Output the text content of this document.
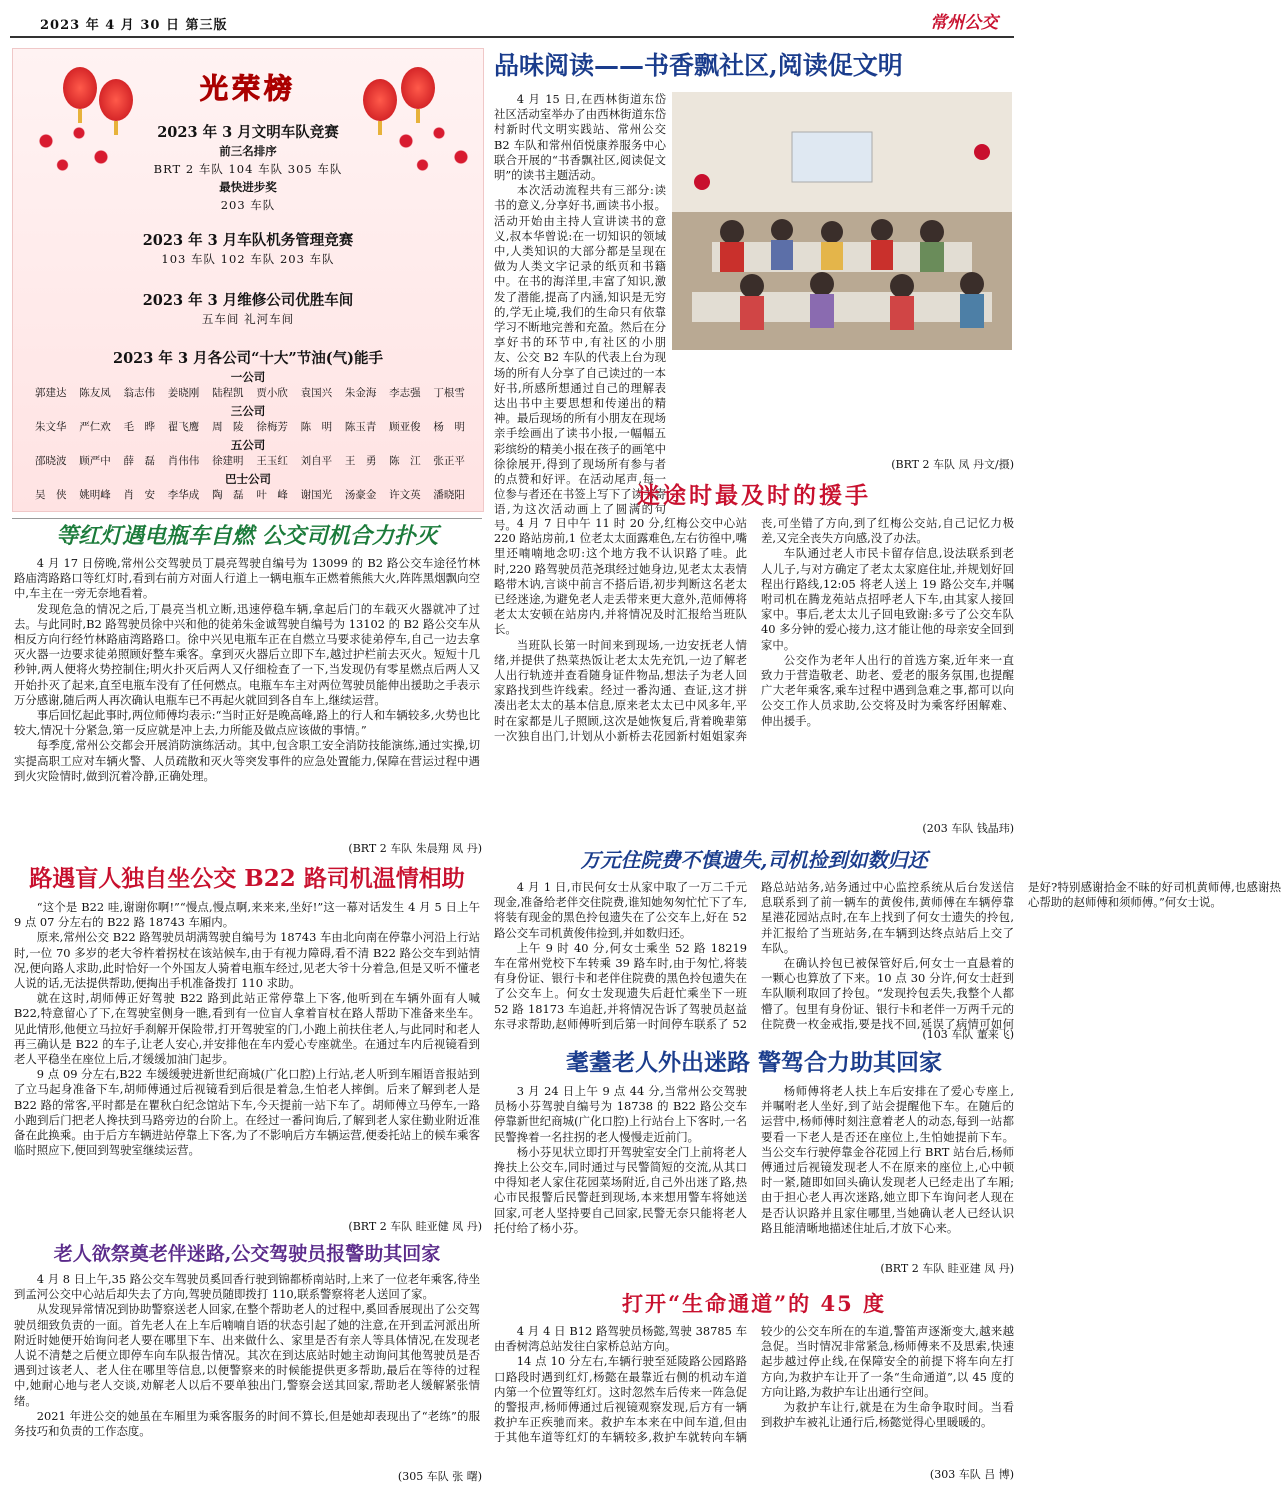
2023 年 4 月 30 日 第三版	常州公交
光荣榜
2023 年 3 月文明车队竞赛
前三名排序
BRT 2 车队 104 车队 305 车队
最快进步奖
203 车队
2023 年 3 月车队机务管理竞赛
103 车队 102 车队 203 车队
2023 年 3 月维修公司优胜车间
五车间 礼河车间
2023 年 3 月各公司“十大”节油(气)能手
一公司
郭建达 陈友凤 翁志伟 姜晓刚 陆程凯 贾小欣 袁国兴 朱金海 李志强 丁根雪
三公司
朱文华 严仁欢 毛　晔 翟飞鹰 周　陵 徐梅芳 陈　明 陈玉青 顾亚俊 杨　明
五公司
邵晓波 顾严中 薛　磊 肖伟伟 徐建明 王玉红 刘自平 王　勇 陈　江 张正平
巴士公司
吴　侠 姚明峰 肖　安 李华成 陶　磊 叶　峰 谢国光 汤豪金 许文英 潘晓阳
品味阅读——书香飘社区,阅读促文明

4 月 15 日,在西林街道东岱社区活动室举办了由西林街道东岱村新时代文明实践站、常州公交 B2 车队和常州佰悦康养服务中心联合开展的“书香飘社区,阅读促文明”的读书主题活动。

本次活动流程共有三部分:读书的意义,分享好书,画读书小报。活动开始由主持人宣讲读书的意义,叔本华曾说:在一切知识的领域中,人类知识的大部分都是呈现在做为人类文字记录的纸页和书籍中。在书的海洋里,丰富了知识,激发了潜能,提高了内涵,知识是无穷的,学无止境,我们的生命只有依靠学习不断地完善和充盈。然后在分享好书的环节中,有社区的小朋友、公交 B2 车队的代表上台为现场的所有人分享了自己读过的一本好书,所感所想通过自己的理解表达出书中主要思想和传递出的精神。最后现场的所有小朋友在现场亲手绘画出了读书小报,一幅幅五彩缤纷的精美小报在孩子的画笔中徐徐展开,得到了现场所有参与者的点赞和好评。在活动尾声,每一位参与者还在书签上写下了读书寄语,为这次活动画上了圆满的句号。

(BRT 2 车队 凤 丹文/摄)
等红灯遇电瓶车自燃 公交司机合力扑灭

4 月 17 日傍晚,常州公交驾驶员丁晨亮驾驶自编号为 13099 的 B2 路公交车途径竹林路庙湾路路口等红灯时,看到右前方对面人行道上一辆电瓶车正燃着熊熊大火,阵阵黑烟飘向空中,车主在一旁无奈地看着。

发现危急的情况之后,丁晨亮当机立断,迅速停稳车辆,拿起后门的车载灭火器就冲了过去。与此同时,B2 路驾驶员徐中兴和他的徒弟朱金诚驾驶自编号为 13102 的 B2 路公交车从相反方向行经竹林路庙湾路路口。徐中兴见电瓶车正在自燃立马要求徒弟停车,自己一边去拿灭火器一边要求徒弟照顾好整车乘客。拿到灭火器后立即下车,越过护栏前去灭火。短短十几秒钟,两人便将火势控制住;明火扑灭后两人又仔细检查了一下,当发现仍有零星燃点后两人又开始扑灭了起来,直至电瓶车没有了任何燃点。电瓶车车主对两位驾驶员能伸出援助之手表示万分感谢,随后两人再次确认电瓶车已不再起火就回到各自车上,继续运营。

事后回忆起此事时,两位师傅均表示:“当时正好是晚高峰,路上的行人和车辆较多,火势也比较大,情况十分紧急,第一反应就是冲上去,力所能及做点应该做的事情。”

每季度,常州公交都会开展消防演练活动。其中,包含职工安全消防技能演练,通过实操,切实提高职工应对车辆火警、人员疏散和灭火等突发事件的应急处置能力,保障在营运过程中遇到火灾险情时,做到沉着冷静,正确处理。

(BRT 2 车队 朱晨翔 凤 丹)
路遇盲人独自坐公交 B22 路司机温情相助

“这个是 B22 哇,谢谢你啊!”“慢点,慢点啊,来来来,坐好!”这一幕对话发生 4 月 5 日上午 9 点 07 分左右的 B22 路 18743 车厢内。

原来,常州公交 B22 路驾驶员胡满驾驶自编号为 18743 车由北向南在停靠小河沿上行站时,一位 70 多岁的老大爷杵着拐杖在该站候车,由于有视力障碍,看不清 B22 路公交车到站情况,便向路人求助,此时恰好一个外国友人骑着电瓶车经过,见老大爷十分着急,但是又听不懂老人说的话,无法提供帮助,便掏出手机准备拨打 110 求助。

就在这时,胡师傅正好驾驶 B22 路到此站正常停靠上下客,他听到在车辆外面有人喊 B22,特意留心了下,在驾驶室侧身一瞧,看到有一位盲人拿着盲杖在路人帮助下准备来坐车。见此情形,他便立马拉好手刹解开保险带,打开驾驶室的门,小跑上前扶住老人,与此同时和老人再三确认是 B22 的车子,让老人安心,并安排他在车内爱心专座就坐。在通过车内后视镜看到老人平稳坐在座位上后,才缓缓加油门起步。

9 点 09 分左右,B22 车缓缓驶进新世纪商城(广化口腔)上行站,老人听到车厢语音报站到了立马起身准备下车,胡师傅通过后视镜看到后很是着急,生怕老人摔倒。后来了解到老人是 B22 路的常客,平时都是在瞿秋白纪念馆站下车,今天提前一站下车了。胡师傅立马停车,一路小跑到后门把老人搀扶到马路旁边的台阶上。在经过一番问询后,了解到老人家住勤业附近准备在此换乘。由于后方车辆进站停靠上下客,为了不影响后方车辆运营,便委托站上的候车乘客临时照应下,便回到驾驶室继续运营。

(BRT 2 车队 眭亚健 凤 丹)
老人欲祭奠老伴迷路,公交驾驶员报警助其回家

4 月 8 日上午,35 路公交车驾驶员奚回香行驶到锦都桥南站时,上来了一位老年乘客,待坐到孟河公交中心站后却失去了方向,驾驶员随即拨打 110,联系警察将老人送回了家。

从发现异常情况到协助警察送老人回家,在整个帮助老人的过程中,奚回香展现出了公交驾驶员细致负责的一面。首先老人在上车后喃喃自语的状态引起了她的注意,在开到孟河派出所附近时她便开始询问老人要在哪里下车、出来做什么、家里是否有亲人等具体情况,在发现老人说不清楚之后便立即停车向车队报告情况。其次在到达底站时她主动询问其他驾驶员是否遇到过该老人、老人住在哪里等信息,以便警察来的时候能提供更多帮助,最后在等待的过程中,她耐心地与老人交谈,劝解老人以后不要单独出门,警察会送其回家,帮助老人缓解紧张情绪。

2021 年进公交的她虽在车厢里为乘客服务的时间不算长,但是她却表现出了“老练”的服务技巧和负责的工作态度。

(305 车队 张 曙)
迷途时最及时的援手

4 月 7 日中午 11 时 20 分,红梅公交中心站 220 路站房前,1 位老太太面露难色,左右彷徨中,嘴里还喃喃地念叨:这个地方我不认识路了哇。此时,220 路驾驶员范尧琪经过她身边,见老太太表情略带木讷,言谈中前言不搭后语,初步判断这名老太已经迷途,为避免老人走丢带来更大意外,范师傅将老太太安顿在站房内,并将情况及时汇报给当班队长。

当班队长第一时间来到现场,一边安抚老人情绪,并提供了热菜热饭让老太太先充饥,一边了解老人出行轨迹并查看随身证件物品,想法子为老人回家路找到些许线索。经过一番沟通、查证,这才拼凑出老太太的基本信息,原来老太太已中风多年,平时在家都是儿子照顾,这次是她恢复后,背着晚辈第一次独自出门,计划从小新桥去花园新村姐姐家奔丧,可坐错了方向,到了红梅公交站,自己记忆力极差,又完全丧失方向感,没了办法。

车队通过老人市民卡留存信息,设法联系到老人儿子,与对方确定了老太太家庭住址,并规划好回程出行路线,12:05 将老人送上 19 路公交车,并嘱咐司机在腾龙苑站点招呼老人下车,由其家人接回家中。事后,老太太儿子回电致谢:多亏了公交车队 40 多分钟的爱心接力,这才能让他的母亲安全回到家中。

公交作为老年人出行的首选方案,近年来一直致力于营造敬老、助老、爱老的服务氛围,也提醒广大老年乘客,乘车过程中遇到急难之事,都可以向公交工作人员求助,公交将及时为乘客纾困解难、伸出援手。

(203 车队 钱晶玮)
万元住院费不慎遗失,司机捡到如数归还

4 月 1 日,市民何女士从家中取了一万二千元现金,准备给老伴交住院费,谁知她匆匆忙忙下了车,将装有现金的黑色拎包遗失在了公交车上,好在 52 路公交车司机黄俊伟捡到,并如数归还。

上午 9 时 40 分,何女士乘坐 52 路 18219 车在常州党校下车转乘 39 路车时,由于匆忙,将装有身份证、银行卡和老伴住院费的黑色拎包遗失在了公交车上。何女士发现遗失后赶忙乘坐下一班 52 路 18173 车追赶,并将情况告诉了驾驶员赵益东寻求帮助,赵师傅听到后第一时间停车联系了 52 路总站站务,站务通过中心监控系统从后台发送信息联系到了前一辆车的黄俊伟,黄师傅在车辆停靠星港花园站点时,在车上找到了何女士遗失的拎包,并汇报给了当班站务,在车辆到达终点站后上交了车队。

在确认拎包已被保管好后,何女士一直悬着的一颗心也算放了下来。10 点 30 分许,何女士赶到车队顺利取回了拎包。“发现拎包丢失,我整个人都懵了。包里有身份证、银行卡和老伴一万两千元的住院费一枚金戒指,要是找不回,延误了病情可如何是好?特别感谢拾金不昧的好司机黄师傅,也感谢热心帮助的赵师傅和须师傅。”何女士说。

(103 车队 董来飞)
耄耋老人外出迷路 警驾合力助其回家

3 月 24 日上午 9 点 44 分,当常州公交驾驶员杨小芬驾驶自编号为 18738 的 B22 路公交车停靠新世纪商城(广化口腔)上行站台上下客时,一名民警搀着一名拄拐的老人慢慢走近前门。

杨小芬见状立即打开驾驶室安全门上前将老人搀扶上公交车,同时通过与民警简短的交流,从其口中得知老人家住花园菜场附近,自己外出迷了路,热心市民报警后民警赶到现场,本来想用警车将她送回家,可老人坚持要自己回家,民警无奈只能将老人托付给了杨小芬。

杨师傅将老人扶上车后安排在了爱心专座上,并嘱咐老人坐好,到了站会提醒他下车。在随后的运营中,杨师傅时刻注意着老人的动态,每到一站都要看一下老人是否还在座位上,生怕她提前下车。当公交车行驶停靠金谷花园上行 BRT 站台后,杨师傅通过后视镜发现老人不在原来的座位上,心中顿时一紧,随即如回头确认发现老人已经走出了车厢;由于担心老人再次迷路,她立即下车询问老人现在是否认识路并且家住哪里,当她确认老人已经认识路且能清晰地描述住址后,才放下心来。

(BRT 2 车队 眭亚建 凤 丹)
打开“生命通道”的 45 度

4 月 4 日 B12 路驾驶员杨懿,驾驶 38785 车由香树湾总站发往白家桥总站方向。

14 点 10 分左右,车辆行驶至延陵路公园路路口路段时遇到红灯,杨懿在最靠近右侧的机动车道内第一个位置等红灯。这时忽然车后传来一阵急促的警报声,杨师傅通过后视镜观察发现,后方有一辆救护车正疾驰而来。救护车本来在中间车道,但由于其他车道等红灯的车辆较多,救护车就转向车辆较少的公交车所在的车道,警笛声逐渐变大,越来越急促。当时情况非常紧急,杨师傅来不及思索,快速起步越过停止线,在保障安全的前提下将车向左打方向,为救护车让开了一条“生命通道”,以 45 度的方向让路,为救护车让出通行空间。

为救护车让行,就是在为生命争取时间。当看到救护车被礼让通行后,杨懿觉得心里暖暖的。

(303 车队 吕 博)
